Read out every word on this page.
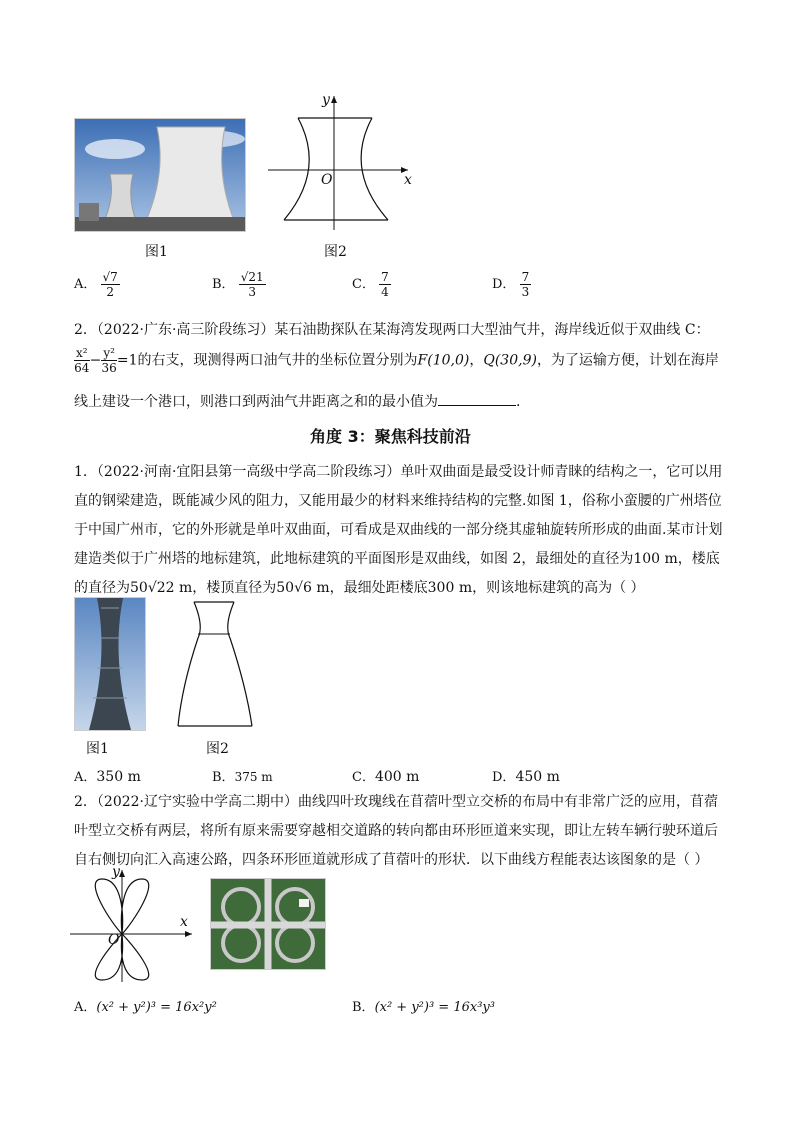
图1
y
x
O
图2
A． $\frac{√7}{2}$	B． $\frac{√21}{3}$	C． $\frac{7}{4}$	D． $\frac{7}{3}$
2．（2022·广东·高三阶段练习）某石油勘探队在某海湾发现两口大型油气井，海岸线近似于双曲线 C：
$\frac{\text{x²}}{64} - \frac{\text{y²}}{36} =1$的右支，现测得两口油气井的坐标位置分别为F(10,0)，Q(30,9)，为了运输方便，计划在海岸
线上建设一个港口，则港口到两油气井距离之和的最小值为	.
角度 3：聚焦科技前沿
1．（2022·河南·宜阳县第一高级中学高二阶段练习）单叶双曲面是最受设计师青睐的结构之一，它可以用
直的钢梁建造，既能减少风的阻力，又能用最少的材料来维持结构的完整.如图 1，俗称小蛮腰的广州塔位
于中国广州市，它的外形就是单叶双曲面，可看成是双曲线的一部分绕其虚轴旋转所形成的曲面.某市计划
建造类似于广州塔的地标建筑，此地标建筑的平面图形是双曲线，如图 2，最细处的直径为100 m，楼底
的直径为50√22 m，楼顶直径为50√6 m，最细处距楼底300 m，则该地标建筑的高为（ ）
图1	图2
A．350 m	B．375 m	C．400 m	D．450 m
2．（2022·辽宁实验中学高二期中）曲线四叶玫瑰线在苜蓿叶型立交桥的布局中有非常广泛的应用，苜蓿
叶型立交桥有两层，将所有原来需要穿越相交道路的转向都由环形匝道来实现，即让左转车辆行驶环道后
自右侧切向汇入高速公路，四条环形匝道就形成了苜蓿叶的形状．以下曲线方程能表达该图象的是（ ）
y
x
O
A．(x² + y²)³ = 16x²y²	B．(x² + y²)³ = 16x³y³
